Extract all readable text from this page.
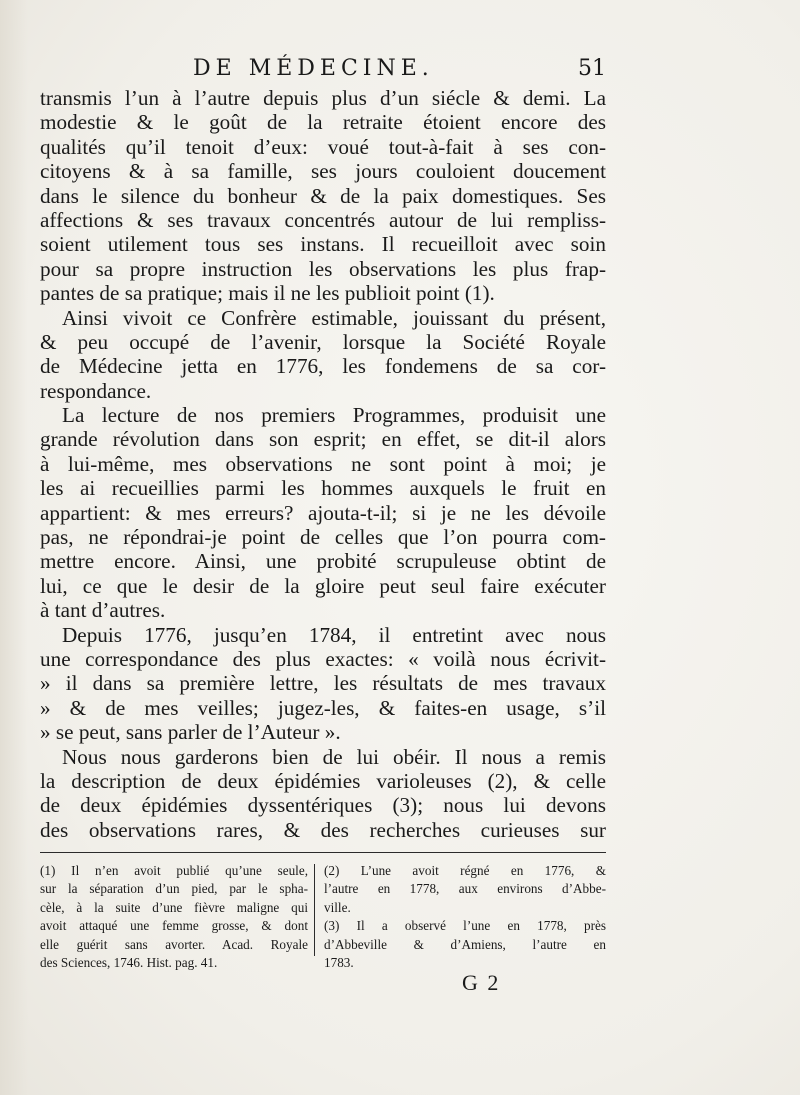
DE MÉDECINE.	51
transmis l’un à l’autre depuis plus d’un siécle & demi. La
modestie & le goût de la retraite étoient encore des
qualités qu’il tenoit d’eux: voué tout-à-fait à ses con-
citoyens & à sa famille, ses jours couloient doucement
dans le silence du bonheur & de la paix domestiques. Ses
affections & ses travaux concentrés autour de lui rempliss-
soient utilement tous ses instans. Il recueilloit avec soin
pour sa propre instruction les observations les plus frap-
pantes de sa pratique; mais il ne les publioit point (1).
Ainsi vivoit ce Confrère estimable, jouissant du présent,
& peu occupé de l’avenir, lorsque la Société Royale
de Médecine jetta en 1776, les fondemens de sa cor-
respondance.
La lecture de nos premiers Programmes, produisit une
grande révolution dans son esprit; en effet, se dit-il alors
à lui-même, mes observations ne sont point à moi; je
les ai recueillies parmi les hommes auxquels le fruit en
appartient: & mes erreurs? ajouta-t-il; si je ne les dévoile
pas, ne répondrai-je point de celles que l’on pourra com-
mettre encore. Ainsi, une probité scrupuleuse obtint de
lui, ce que le desir de la gloire peut seul faire exécuter
à tant d’autres.
Depuis 1776, jusqu’en 1784, il entretint avec nous
une correspondance des plus exactes: « voilà nous écrivit-
» il dans sa première lettre, les résultats de mes travaux
» & de mes veilles; jugez-les, & faites-en usage, s’il
» se peut, sans parler de l’Auteur ».
Nous nous garderons bien de lui obéir. Il nous a remis
la description de deux épidémies varioleuses (2), & celle
de deux épidémies dyssentériques (3); nous lui devons
des observations rares, & des recherches curieuses sur
(1) Il n’en avoit publié qu’une seule,
sur la séparation d’un pied, par le spha-
cèle, à la suite d’une fièvre maligne qui
avoit attaqué une femme grosse, & dont
elle guérit sans avorter. Acad. Royale
des Sciences, 1746. Hist. pag. 41.
(2) L’une avoit régné en 1776, &
l’autre en 1778, aux environs d’Abbe-
ville.
(3) Il a observé l’une en 1778, près
d’Abbeville & d’Amiens, l’autre en
1783.
G 2
